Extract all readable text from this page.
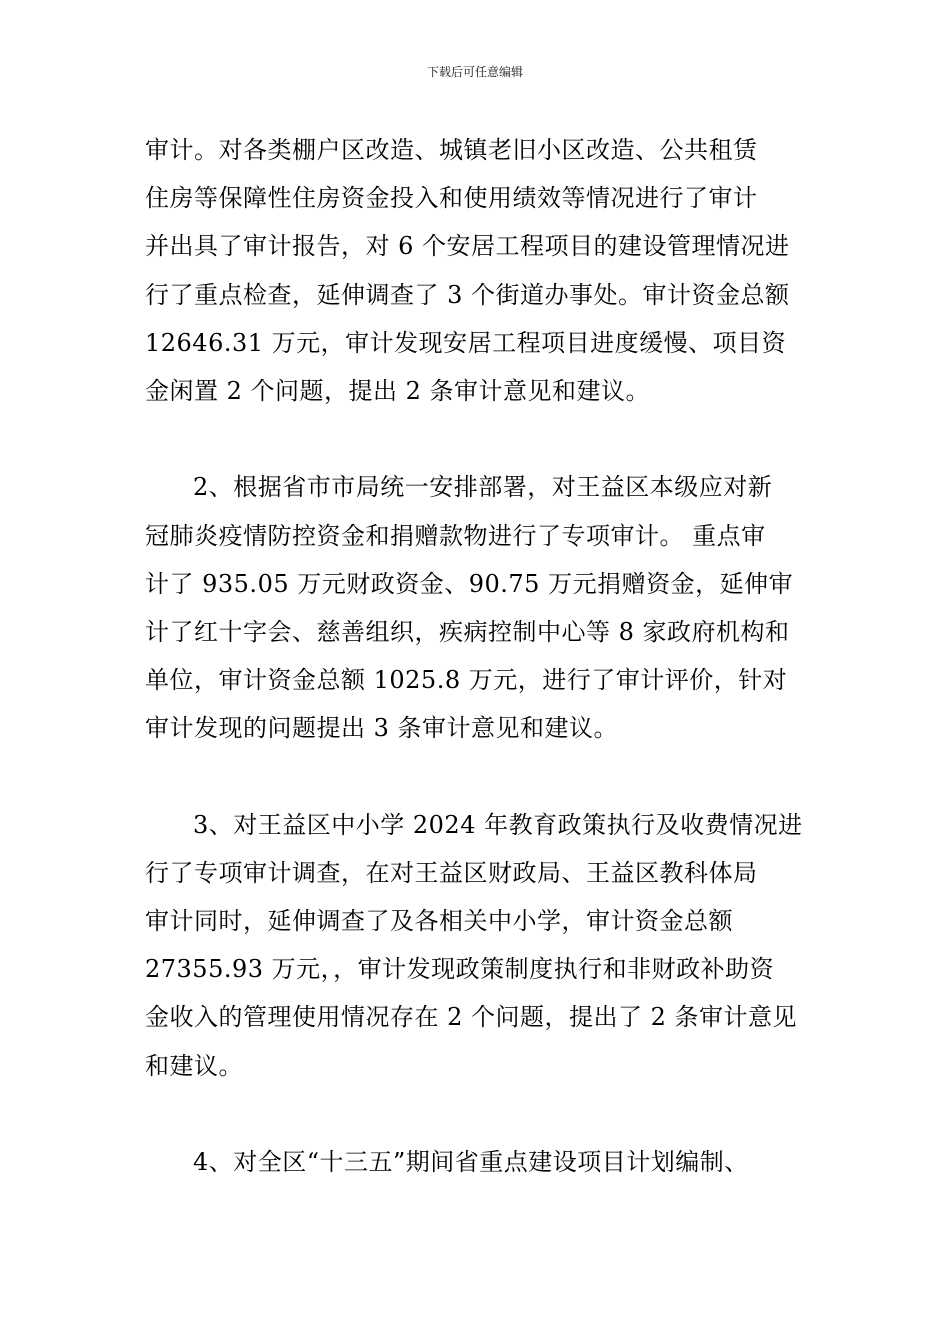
下载后可任意编辑
审计。对各类棚户区改造、城镇老旧小区改造、公共租赁
住房等保障性住房资金投入和使用绩效等情况进行了审计
并出具了审计报告，对 6 个安居工程项目的建设管理情况进
行了重点检查，延伸调查了 3 个街道办事处。审计资金总额
12646.31 万元，审计发现安居工程项目进度缓慢、项目资
金闲置 2 个问题，提出 2 条审计意见和建议。
2、根据省市市局统一安排部署，对王益区本级应对新
冠肺炎疫情防控资金和捐赠款物进行了专项审计。 重点审
计了 935.05 万元财政资金、90.75 万元捐赠资金，延伸审
计了红十字会、慈善组织，疾病控制中心等 8 家政府机构和
单位，审计资金总额 1025.8 万元，进行了审计评价，针对
审计发现的问题提出 3 条审计意见和建议。
3、对王益区中小学 2024 年教育政策执行及收费情况进
行了专项审计调查，在对王益区财政局、王益区教科体局
审计同时，延伸调查了及各相关中小学，审计资金总额
27355.93 万元，，审计发现政策制度执行和非财政补助资
金收入的管理使用情况存在 2 个问题，提出了 2 条审计意见
和建议。
4、对全区“十三五”期间省重点建设项目计划编制、
